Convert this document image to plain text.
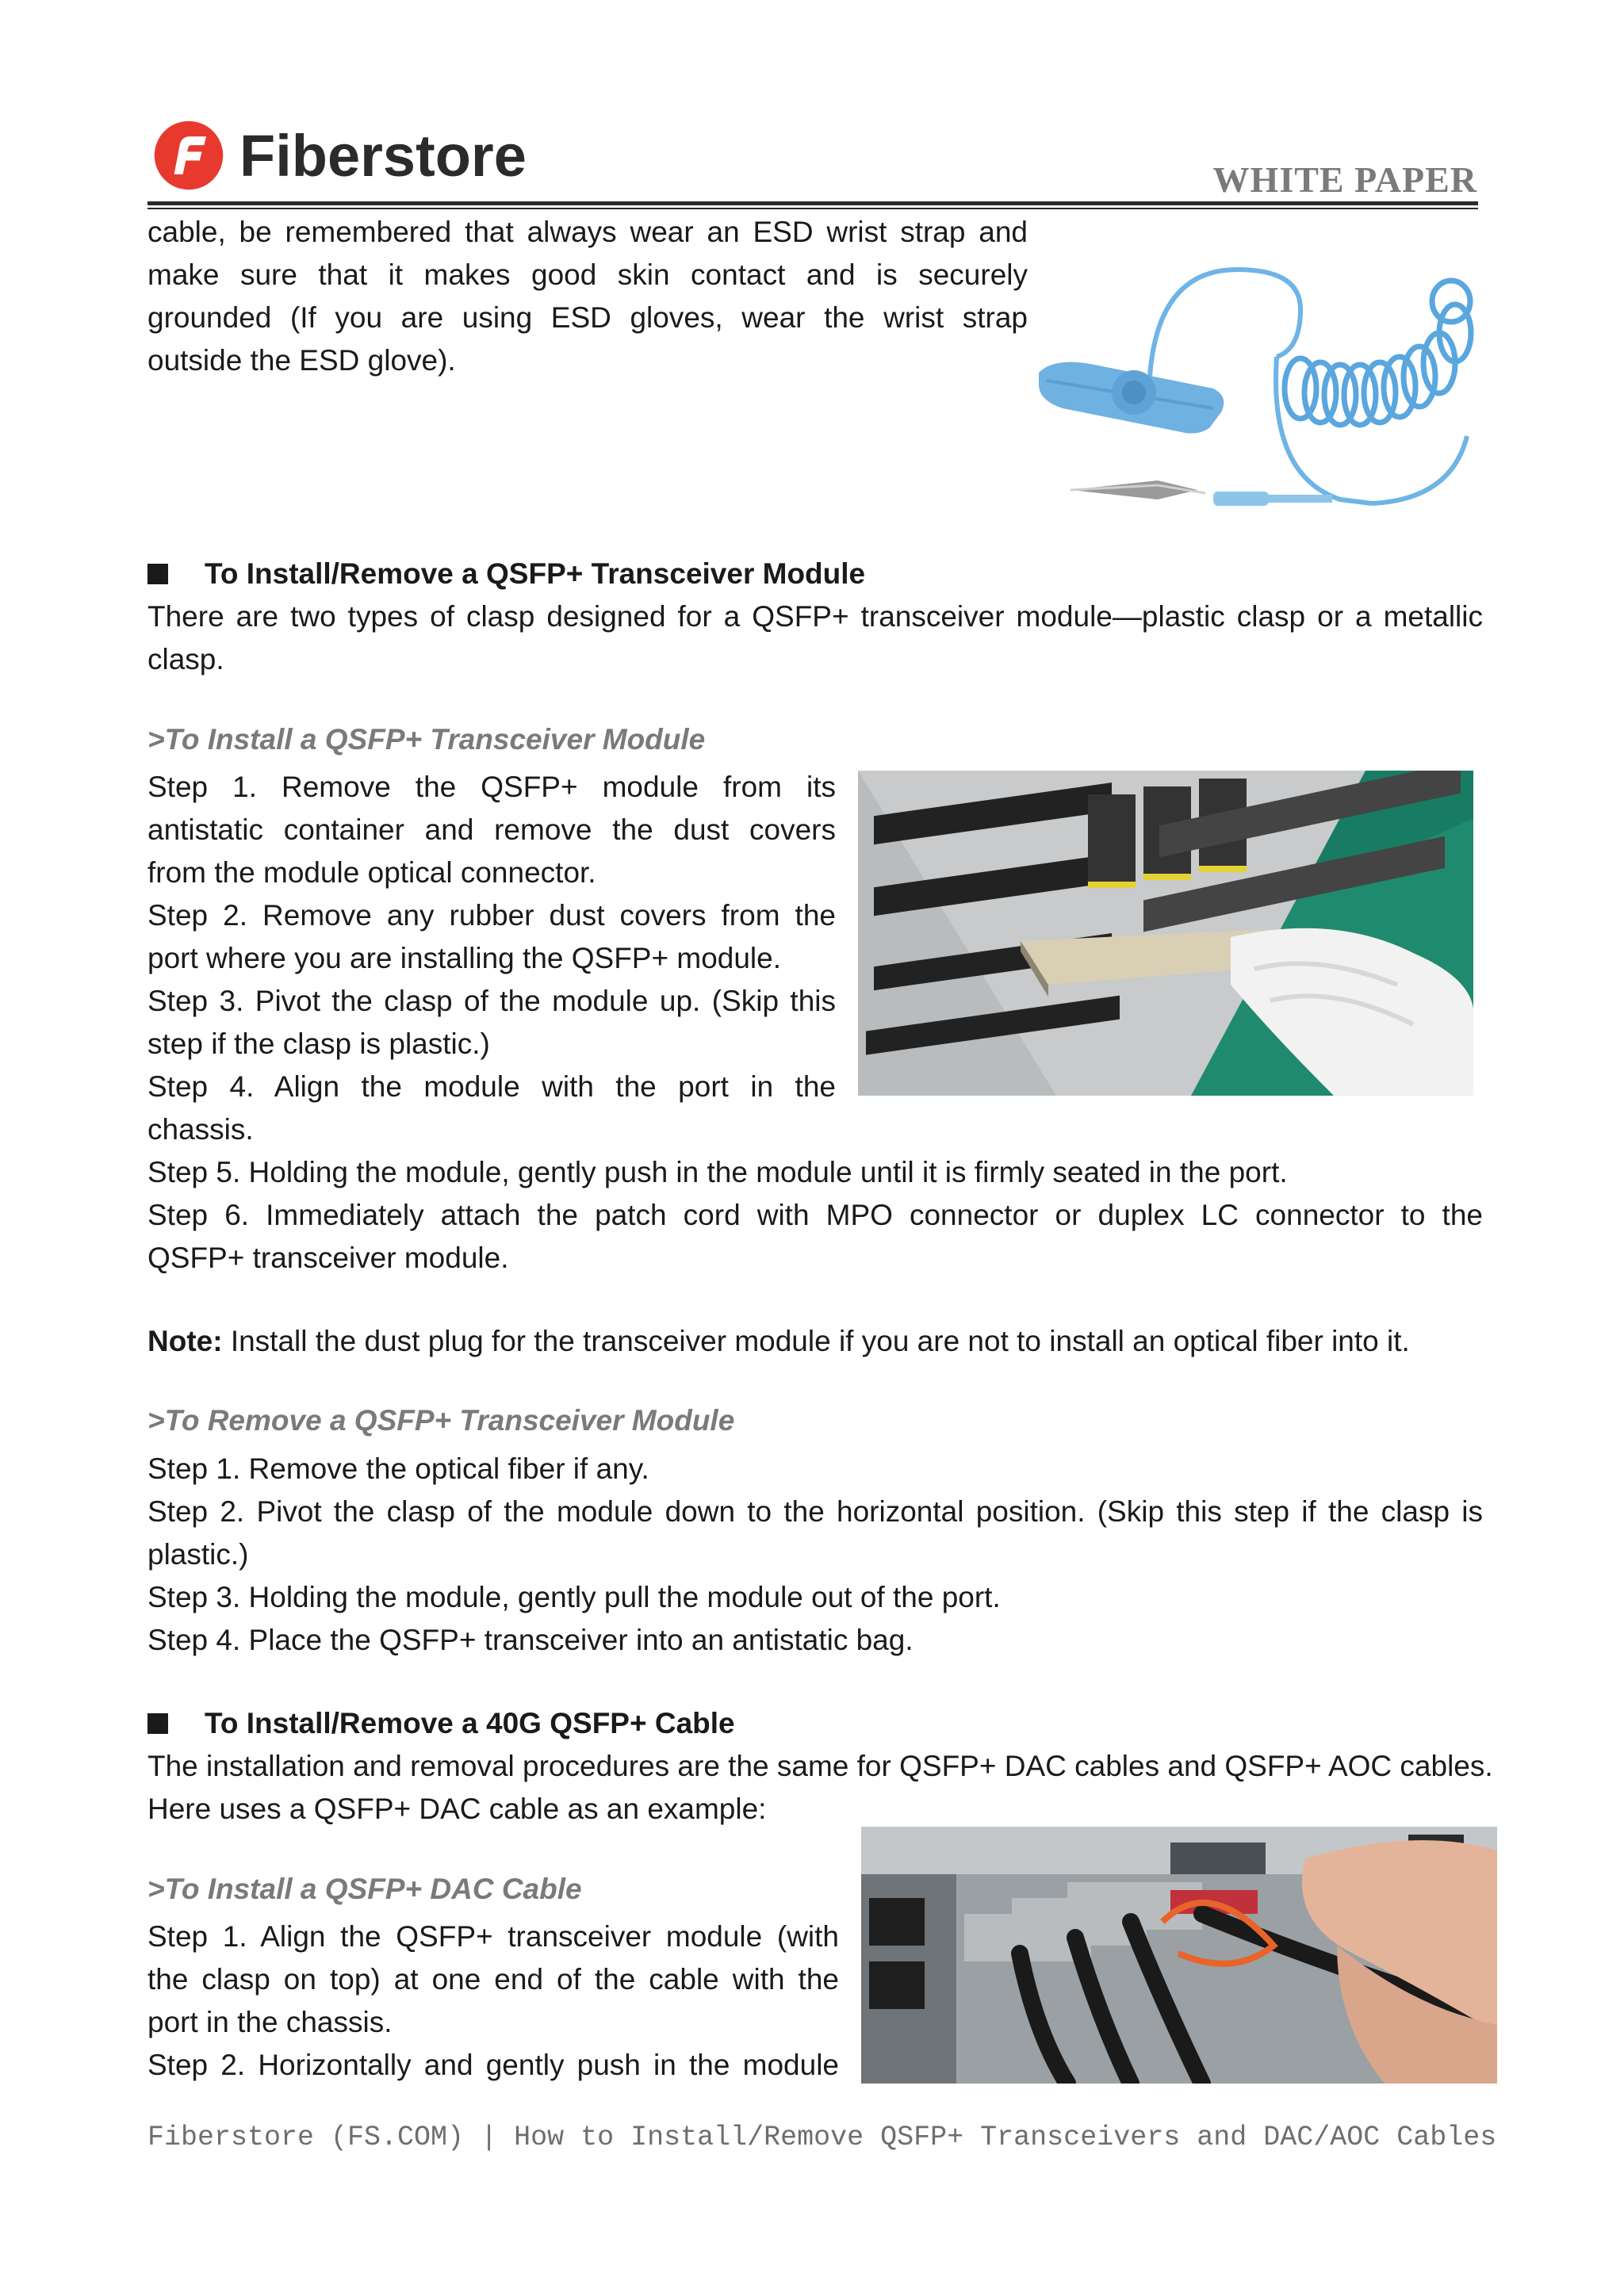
Fiberstore	WHITE PAPER
cable, be remembered that always wear an ESD wrist strap and
make sure that it makes good skin contact and is securely
grounded (If you are using ESD gloves, wear the wrist strap
outside the ESD glove).
To Install/Remove a QSFP+ Transceiver Module
There are two types of clasp designed for a QSFP+ transceiver module—plastic clasp or a metallic
clasp.
>To Install a QSFP+ Transceiver Module
Step 1. Remove the QSFP+ module from its
antistatic container and remove the dust covers
from the module optical connector.
Step 2. Remove any rubber dust covers from the
port where you are installing the QSFP+ module.
Step 3. Pivot the clasp of the module up. (Skip this
step if the clasp is plastic.)
Step 4. Align the module with the port in the
chassis.
Step 5. Holding the module, gently push in the module until it is firmly seated in the port.
Step 6. Immediately attach the patch cord with MPO connector or duplex LC connector to the
QSFP+ transceiver module.
Note: Install the dust plug for the transceiver module if you are not to install an optical fiber into it.
>To Remove a QSFP+ Transceiver Module
Step 1. Remove the optical fiber if any.
Step 2. Pivot the clasp of the module down to the horizontal position. (Skip this step if the clasp is
plastic.)
Step 3. Holding the module, gently pull the module out of the port.
Step 4. Place the QSFP+ transceiver into an antistatic bag.
To Install/Remove a 40G QSFP+ Cable
The installation and removal procedures are the same for QSFP+ DAC cables and QSFP+ AOC cables.
Here uses a QSFP+ DAC cable as an example:
>To Install a QSFP+ DAC Cable
Step 1. Align the QSFP+ transceiver module (with
the clasp on top) at one end of the cable with the
port in the chassis.
Step 2. Horizontally and gently push in the module
Fiberstore (FS.COM) | How to Install/Remove QSFP+ Transceivers and DAC/AOC Cables
